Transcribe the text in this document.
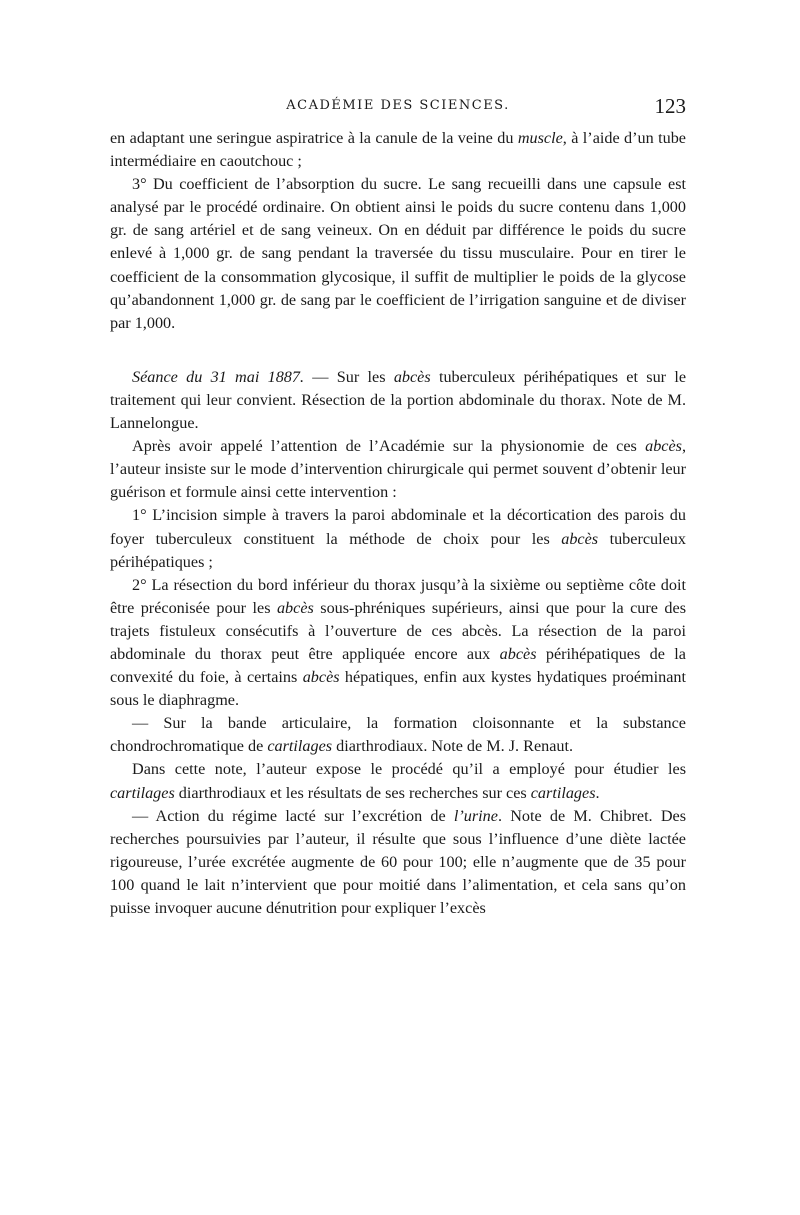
ACADÉMIE DES SCIENCES.	123

en adaptant une seringue aspiratrice à la canule de la veine du muscle, à l’aide d’un tube intermédiaire en caoutchouc ;

3° Du coefficient de l’absorption du sucre. Le sang recueilli dans une capsule est analysé par le procédé ordinaire. On obtient ainsi le poids du sucre contenu dans 1,000 gr. de sang artériel et de sang veineux. On en déduit par différence le poids du sucre enlevé à 1,000 gr. de sang pendant la traversée du tissu musculaire. Pour en tirer le coefficient de la consommation glycosique, il suffit de multiplier le poids de la glycose qu’abandonnent 1,000 gr. de sang par le coefficient de l’irrigation sanguine et de diviser par 1,000.

Séance du 31 mai 1887. — Sur les abcès tuberculeux périhépatiques et sur le traitement qui leur convient. Résection de la portion abdominale du thorax. Note de M. Lannelongue.

Après avoir appelé l’attention de l’Académie sur la physionomie de ces abcès, l’auteur insiste sur le mode d’intervention chirurgicale qui permet souvent d’obtenir leur guérison et formule ainsi cette intervention :

1° L’incision simple à travers la paroi abdominale et la décortication des parois du foyer tuberculeux constituent la méthode de choix pour les abcès tuberculeux périhépatiques ;

2° La résection du bord inférieur du thorax jusqu’à la sixième ou septième côte doit être préconisée pour les abcès sous-phréniques supérieurs, ainsi que pour la cure des trajets fistuleux consécutifs à l’ouverture de ces abcès. La résection de la paroi abdominale du thorax peut être appliquée encore aux abcès périhépatiques de la convexité du foie, à certains abcès hépatiques, enfin aux kystes hydatiques proéminant sous le diaphragme.

— Sur la bande articulaire, la formation cloisonnante et la substance chondrochromatique de cartilages diarthrodiaux. Note de M. J. Renaut.

Dans cette note, l’auteur expose le procédé qu’il a employé pour étudier les cartilages diarthrodiaux et les résultats de ses recherches sur ces cartilages.

— Action du régime lacté sur l’excrétion de l’urine. Note de M. Chibret. Des recherches poursuivies par l’auteur, il résulte que sous l’influence d’une diète lactée rigoureuse, l’urée excrétée augmente de 60 pour 100; elle n’augmente que de 35 pour 100 quand le lait n’intervient que pour moitié dans l’alimentation, et cela sans qu’on puisse invoquer aucune dénutrition pour expliquer l’excès
